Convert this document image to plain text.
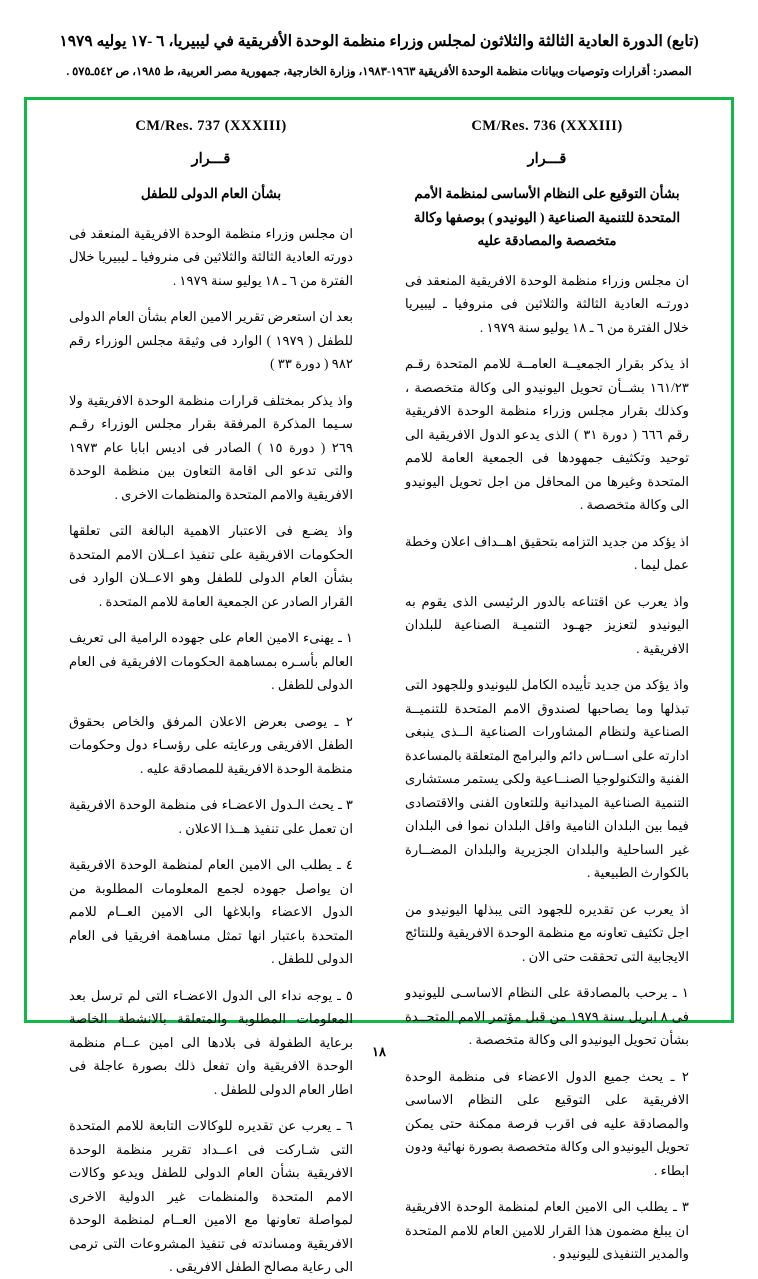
(تابع) الدورة العادية الثالثة والثلاثون لمجلس وزراء منظمة الوحدة الأفريقية في ليبيريا، ٦ -١٧ يوليه ١٩٧٩
المصدر: أقرارات وتوصيات وبيانات منظمة الوحدة الأفريقية ١٩٦٣-١٩٨٣، وزارة الخارجية، جمهورية مصر العربية، ط ١٩٨٥، ص ٥٤٢ـ٥٧٥ .
CM/Res. 736 (XXXIII)
قـــرار
بشأن التوقيع على النظام الأساسى لمنظمة الأمم المتحدة للتنمية الصناعية ( اليونيدو ) بوصفها وكالة متخصصة والمصادقة عليه

ان مجلس وزراء منظمة الوحدة الافريقية المنعقد فى دورتـه العادية الثالثة والثلاثين فى منروفيا ـ ليبيريا خلال الفترة من ٦ ـ ١٨ يوليو سنة ١٩٧٩ .

اذ يذكر بقرار الجمعيــة العامــة للامم المتحدة رقـم ١٦١/٢٣ بشــأن تحويل اليونيدو الى وكالة متخصصة ، وكذلك بقرار مجلس وزراء منظمة الوحدة الافريقية رقم ٦٦٦ ( دورة ٣١ ) الذى يدعو الدول الافريقية الى توحيد وتكثيف جمهودها فى الجمعية العامة للامم المتحدة وغيرها من المحافل من اجل تحويل اليونيدو الى وكالة متخصصة .

اذ يؤكد من جديد التزامه بتحقيق اهــداف اعلان وخطة عمل ليما .

واذ يعرب عن اقتناعه بالدور الرئيسى الذى يقوم به اليونيدو لتعزيز جهـود التنميـة الصناعية للبلدان الافريقية .

واذ يؤكد من جديد تأييده الكامل لليونيدو وللجهود التى تبذلها وما يصاحبها لصندوق الامم المتحدة للتنميــة الصناعية ولنظام المشاورات الصناعية الــذى ينبغى ادارته على اســاس دائم والبرامج المتعلقة بالمساعدة الفنية والتكنولوجيا الصنــاعية ولكى يستمر مستشارى التنمية الصناعية الميدانية وللتعاون الفنى والاقتصادى فيما بين البلدان النامية واقل البلدان نموا فى البلدان غير الساحلية والبلدان الجزيرية والبلدان المضــارة بالكوارث الطبيعية .

اذ يعرب عن تقديره للجهود التى يبذلها اليونيدو من اجل تكثيف تعاونه مع منظمة الوحدة الافريقية وللنتائج الايجابية التى تحققت حتى الان .

١ ـ يرحب بالمصادقة على النظام الاساسـى لليونيدو فى ٨ ابريل سنة ١٩٧٩ من قبل مؤتمر الامم المتحــدة بشأن تحويل اليونيدو الى وكالة متخصصة .

٢ ـ يحث جميع الدول الاعضاء فى منظمة الوحدة الافريقية على التوقيع على النظام الاساسى والمصادقة عليه فى اقرب فرصة ممكنة حتى يمكن تحويل اليونيدو الى وكالة متخصصة بصورة نهائية ودون ابطاء .

٣ ـ يطلب الى الامين العام لمنظمة الوحدة الافريقية ان يبلغ مضمون هذا القرار للامين العام للامم المتحدة والمدير التنفيذى لليونيدو .

CM/Res. 737 (XXXIII)
قـــرار
بشأن العام الدولى للطفل

ان مجلس وزراء منظمة الوحدة الافريقية المنعقد فى دورته العادية الثالثة والثلاثين فى منروفيا ـ ليبيريا خلال الفترة من ٦ ـ ١٨ يوليو سنة ١٩٧٩ .

بعد ان استعرض تقرير الامين العام بشأن العام الدولى للطفل ( ١٩٧٩ ) الوارد فى وثيقة مجلس الوزراء رقم ٩٨٢ ( دورة ٣٣ )

واذ يذكر بمختلف قرارات منظمة الوحدة الافريقية ولا سـيما المذكرة المرفقة بقرار مجلس الوزراء رقـم ٢٦٩ ( دورة ١٥ ) الصادر فى اديس ابابا عام ١٩٧٣ والتى تدعو الى اقامة التعاون بين منظمة الوحدة الافريقية والامم المتحدة والمنظمات الاخرى .

واذ يضـع فى الاعتبار الاهمية البالغة التى تعلقها الحكومات الافريقية على تنفيذ اعــلان الامم المتحدة بشأن العام الدولى للطفل وهو الاعــلان الوارد فى القرار الصادر عن الجمعية العامة للامم المتحدة .

١ ـ يهنىء الامين العام على جهوده الرامية الى تعريف العالم بأسـره بمساهمة الحكومات الافريقية فى العام الدولى للطفل .

٢ ـ يوصى بعرض الاعلان المرفق والخاص بحقوق الطفل الافريقى ورعايته على رؤسـاء دول وحكومات منظمة الوحدة الافريقية للمصادقة عليه .

٣ ـ يحث الـدول الاعضـاء فى منظمة الوحدة الافريقية ان تعمل على تنفيذ هــذا الاعلان .

٤ ـ يطلب الى الامين العام لمنظمة الوحدة الافريقية ان يواصل جهوده لجمع المعلومات المطلوبة من الدول الاعضاء وابلاغها الى الامين العــام للامم المتحدة باعتبار انها تمثل مساهمة افريقيا فى العام الدولى للطفل .

٥ ـ يوجه نداء الى الدول الاعضـاء التى لم ترسل بعد المعلومات المطلوبة والمتعلقة بالانشطة الخاصة برعاية الطفولة فى بلادها الى امين عــام منظمة الوحدة الافريقية وان تفعل ذلك بصورة عاجلة فى اطار العام الدولى للطفل .

٦ ـ يعرب عن تقديره للوكالات التابعة للامم المتحدة التى شـاركت فى اعــداد تقرير منظمة الوحدة الافريقية بشأن العام الدولى للطفل ويدعو وكالات الامم المتحدة والمنظمات غير الدولية الاخرى لمواصلة تعاونها مع الامين العــام لمنظمة الوحدة الافريقية ومساندته فى تنفيذ المشروعات التى ترمى الى رعاية مصالح الطفل الافريقى .

١٨
